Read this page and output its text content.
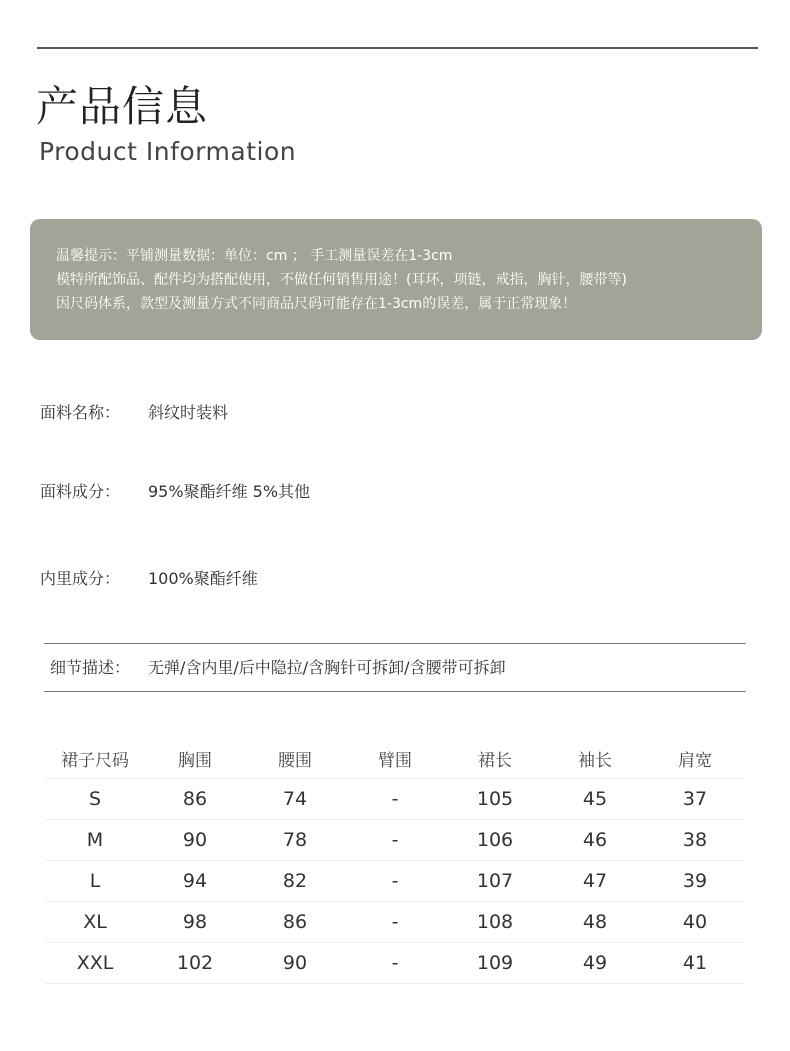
产品信息
Product Information
温馨提示：平铺测量数据：单位：cm ； 手工测量误差在1-3cm
模特所配饰品、配件均为搭配使用，不做任何销售用途！(耳环，项链，戒指，胸针，腰带等)
因尺码体系，款型及测量方式不同商品尺码可能存在1-3cm的误差，属于正常现象！
面料名称： 斜纹时装料
面料成分： 95%聚酯纤维 5%其他
内里成分： 100%聚酯纤维
细节描述： 无弹/含内里/后中隐拉/含胸针可拆卸/含腰带可拆卸
裙子尺码	胸围	腰围	臂围	裙长	袖长	肩宽
S	86	74	-	105	45	37
M	90	78	-	106	46	38
L	94	82	-	107	47	39
XL	98	86	-	108	48	40
XXL	102	90	-	109	49	41
